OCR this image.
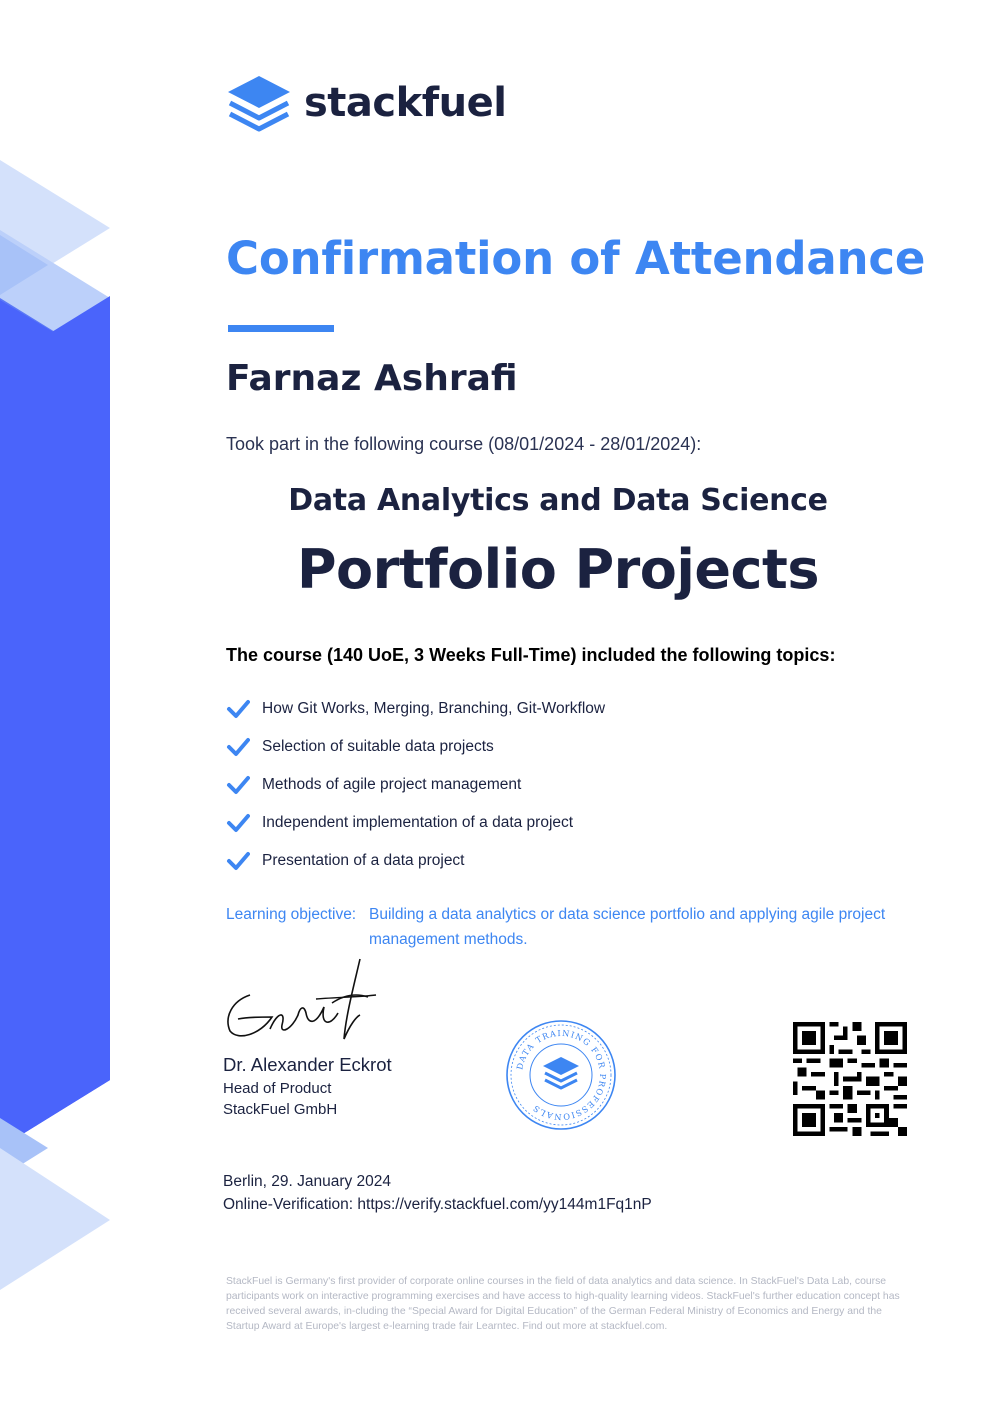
stackfuel
Confirmation of Attendance
Farnaz Ashrafi
Took part in the following course (08/01/2024 - 28/01/2024):
Data Analytics and Data Science
Portfolio Projects
The course (140 UoE, 3 Weeks Full-Time) included the following topics:
How Git Works, Merging, Branching, Git-Workflow
Selection of suitable data projects
Methods of agile project management
Independent implementation of a data project
Presentation of a data project
Learning objective: Building a data analytics or data science portfolio and applying agile project management methods.
Dr. Alexander Eckrot
Head of Product
StackFuel GmbH
DATA TRAINING FOR PROFESSIONALS
Berlin, 29. January 2024
Online-Verification: https://verify.stackfuel.com/yy144m1Fq1nP
StackFuel is Germany's first provider of corporate online courses in the field of data analytics and data science. In StackFuel's Data Lab, course participants work on interactive programming exercises and have access to high-quality learning videos. StackFuel's further education concept has received several awards, in-cluding the “Special Award for Digital Education” of the German Federal Ministry of Economics and Energy and the Startup Award at Europe's largest e-learning trade fair Learntec. Find out more at stackfuel.com.
